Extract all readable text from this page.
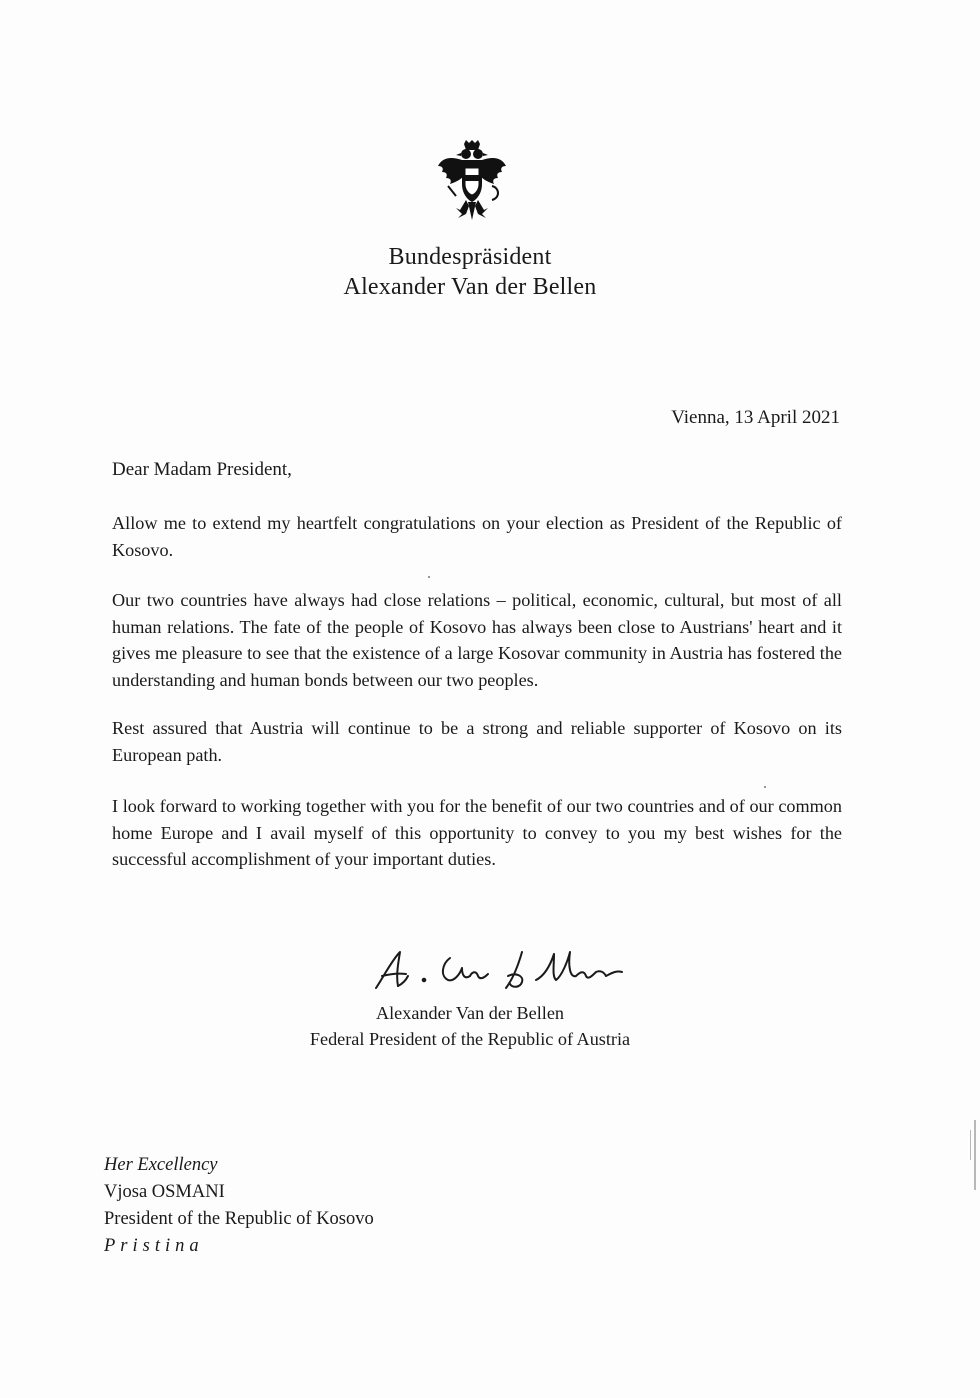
Bundespräsident
Alexander Van der Bellen
Vienna, 13 April 2021
Dear Madam President,
Allow me to extend my heartfelt congratulations on your election as President of the Republic of Kosovo.
Our two countries have always had close relations – political, economic, cultural, but most of all human relations. The fate of the people of Kosovo has always been close to Austrians' heart and it gives me pleasure to see that the existence of a large Kosovar community in Austria has fostered the understanding and human bonds between our two peoples.
Rest assured that Austria will continue to be a strong and reliable supporter of Kosovo on its European path.
I look forward to working together with you for the benefit of our two countries and of our common home Europe and I avail myself of this opportunity to convey to you my best wishes for the successful accomplishment of your important duties.
Alexander Van der Bellen
Federal President of the Republic of Austria
Her Excellency
Vjosa OSMANI
President of the Republic of Kosovo
Pristina
